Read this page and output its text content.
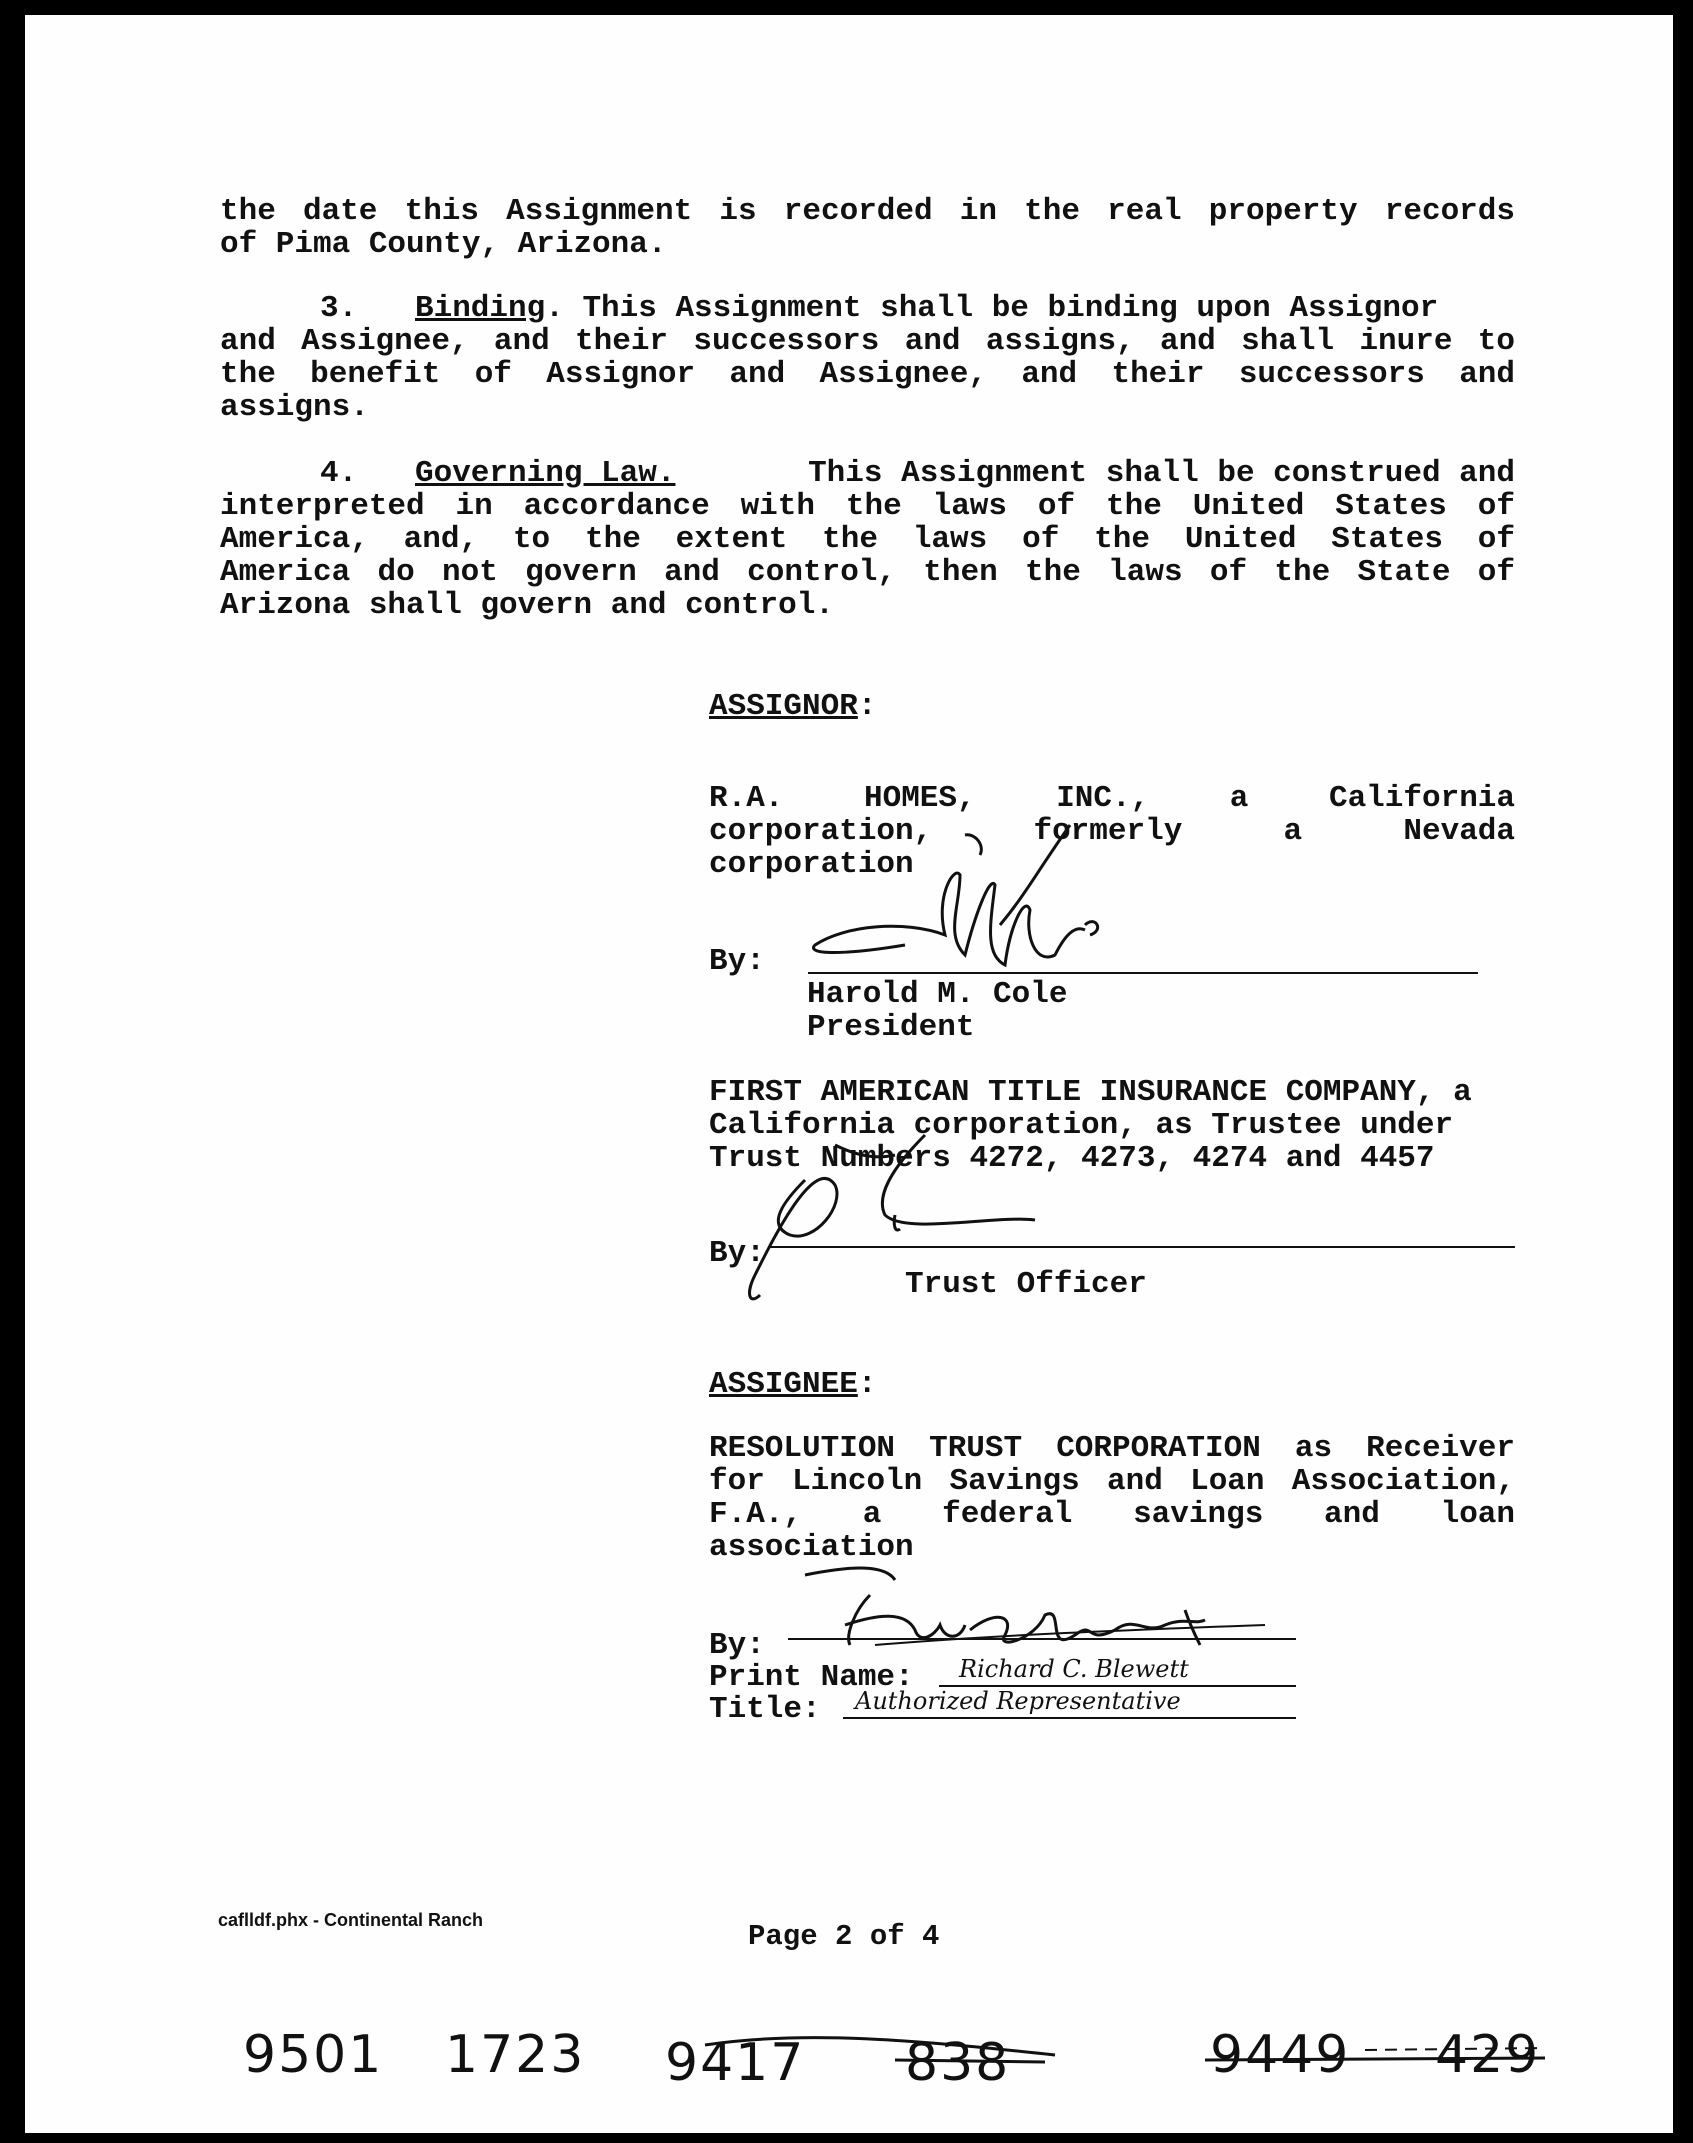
the date this Assignment is recorded in the real property records
of Pima County, Arizona.
3. Binding. This Assignment shall be binding upon Assignor
and Assignee, and their successors and assigns, and shall inure to
the benefit of Assignor and Assignee, and their successors and
assigns.
4. Governing Law.	This Assignment shall be construed and
interpreted in accordance with the laws of the United States of
America, and, to the extent the laws of the United States of
America do not govern and control, then the laws of the State of
Arizona shall govern and control.
ASSIGNOR:
R.A. HOMES, INC., a California
corporation, formerly a Nevada
corporation
By:
Harold M. Cole
President
FIRST AMERICAN TITLE INSURANCE COMPANY, a
California corporation, as Trustee under
Trust Numbers 4272, 4273, 4274 and 4457
By:
Trust Officer
ASSIGNEE:
RESOLUTION TRUST CORPORATION as Receiver
for Lincoln Savings and Loan Association,
F.A., a federal savings and loan
association
By:
Print Name: Richard C. Blewett
Title: Authorized Representative
caflldf.phx - Continental Ranch	Page 2 of 4
9501 1723 9417 838	9449 429
